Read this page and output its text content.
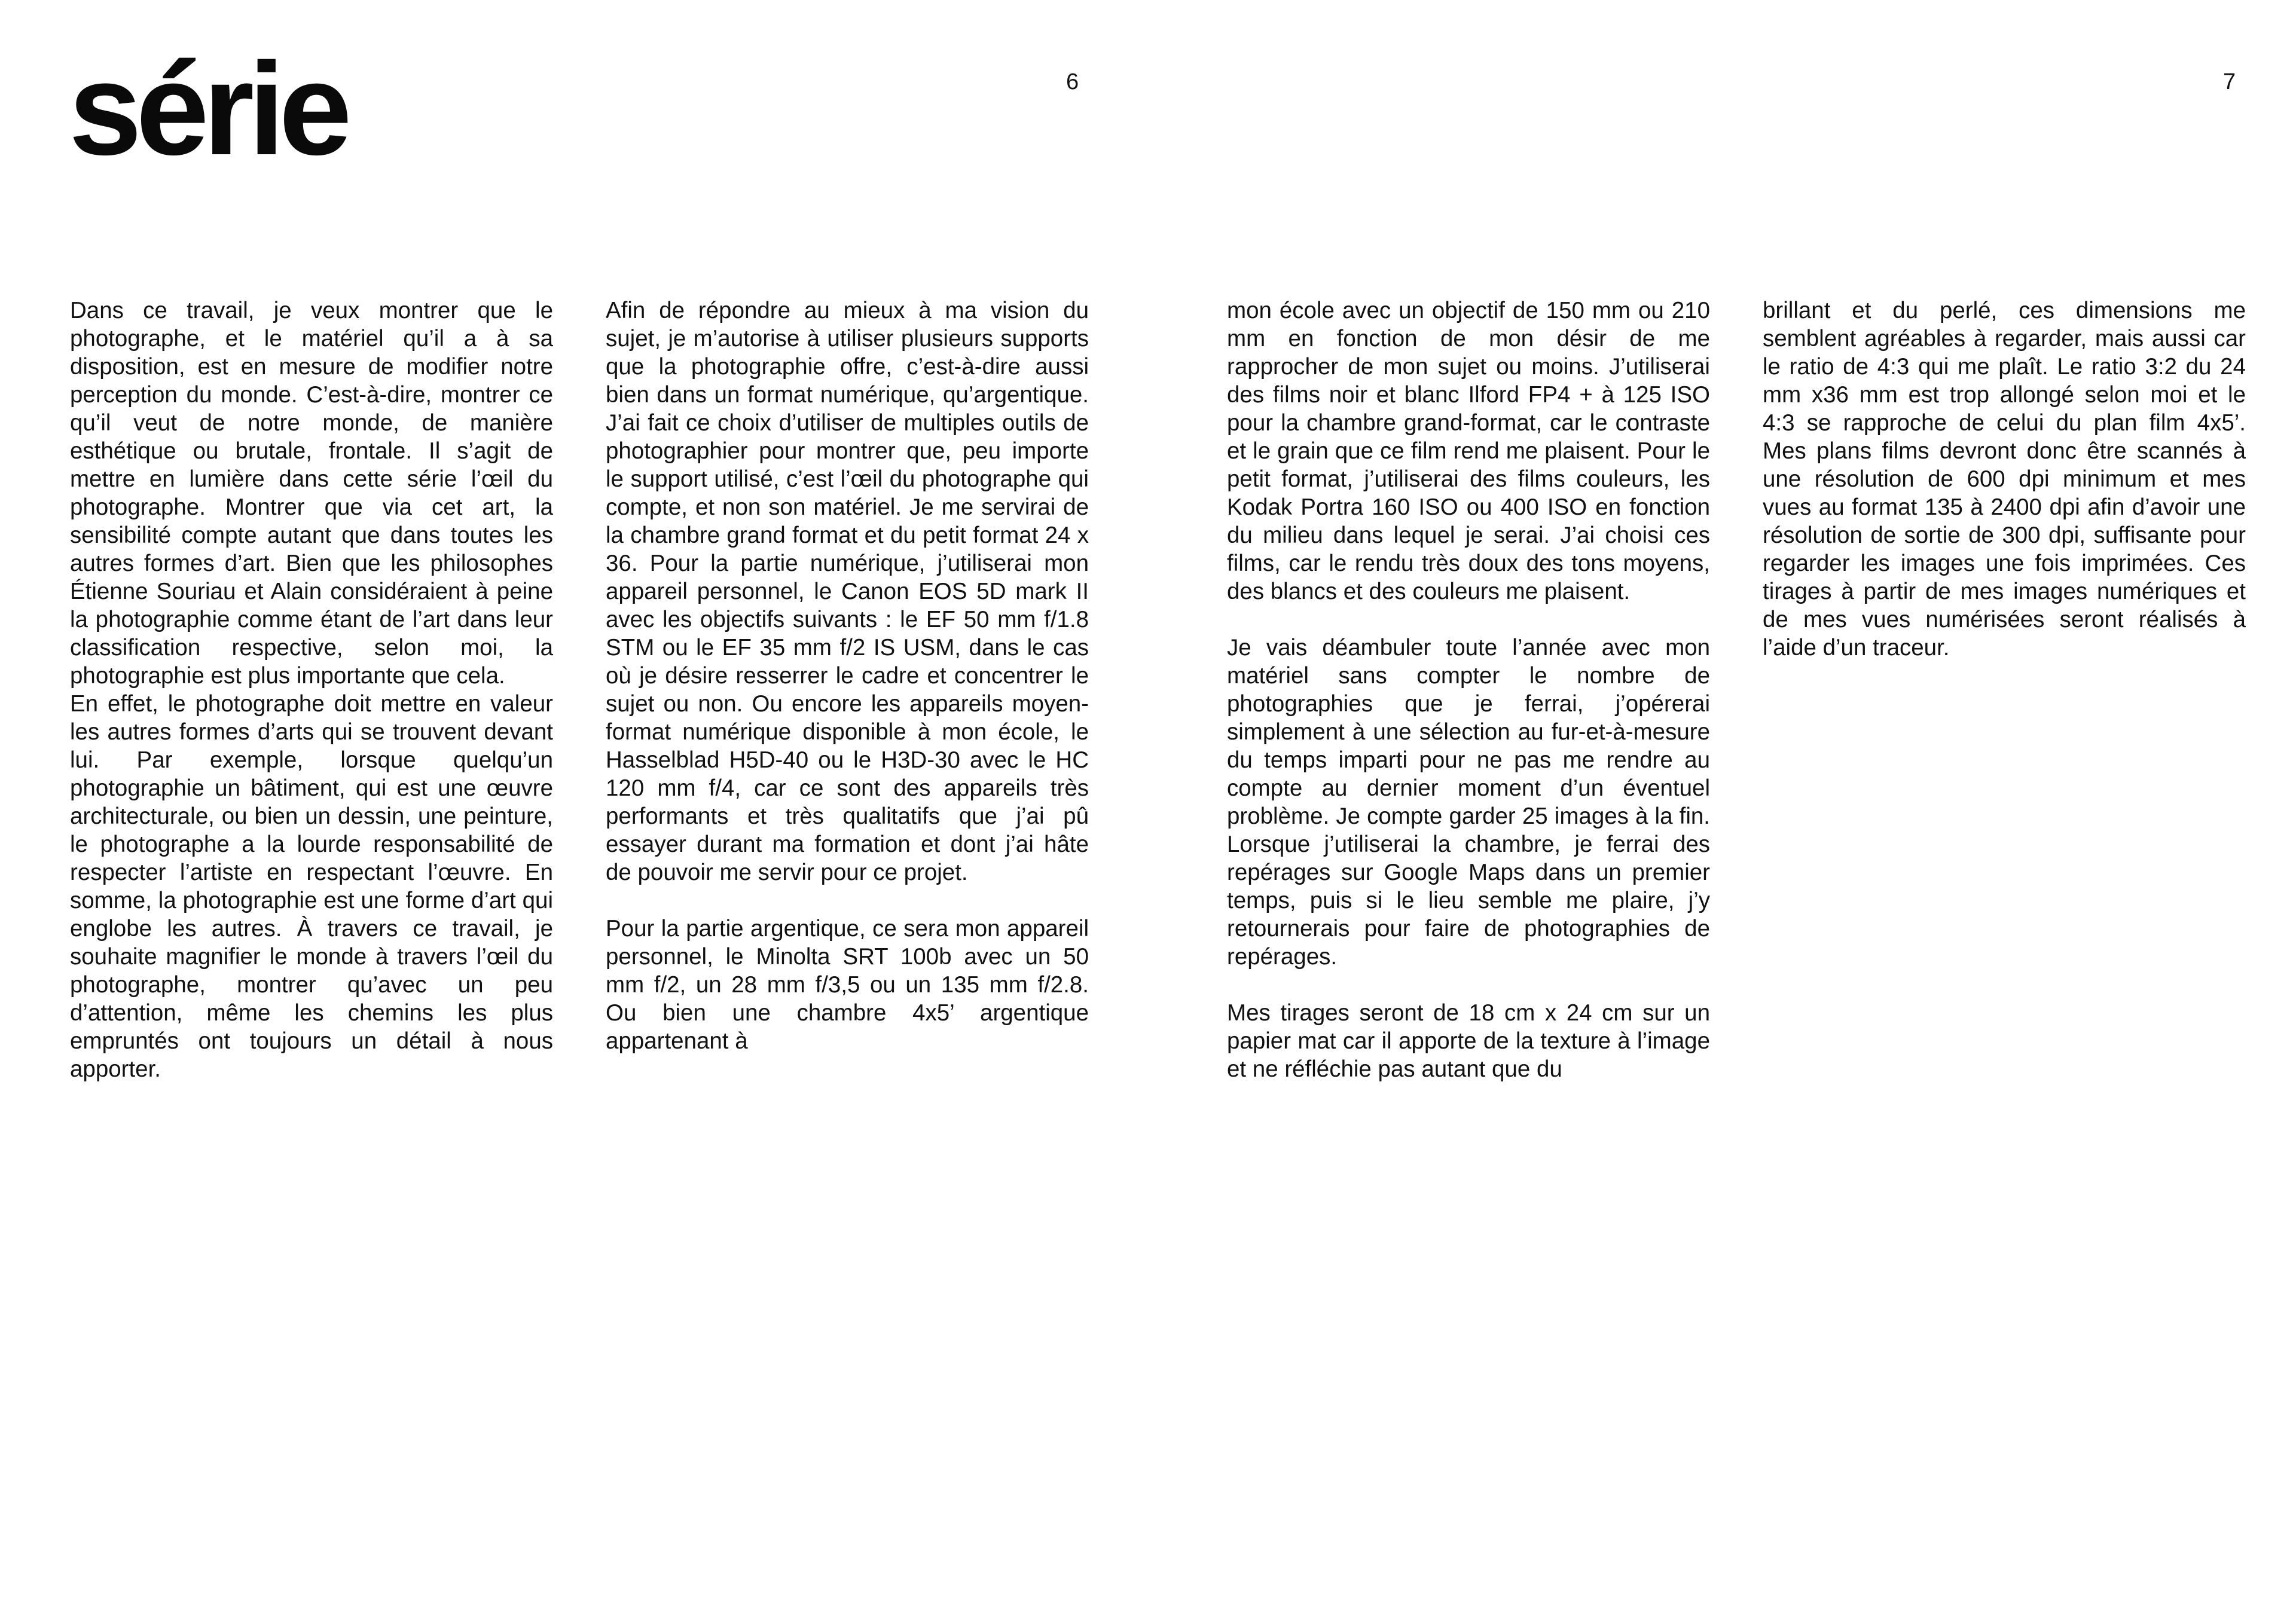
série	6	7

Dans ce travail, je veux montrer que le photographe, et le matériel qu’il a à sa disposition, est en mesure de modifier notre perception du monde. C’est-à-dire, montrer ce qu’il veut de notre monde, de manière esthétique ou brutale, frontale. Il s’agit de mettre en lumière dans cette série l’œil du photographe. Montrer que via cet art, la sensibilité compte autant que dans toutes les autres formes d’art. Bien que les philosophes Étienne Souriau et Alain considéraient à peine la photographie comme étant de l’art dans leur classification respective, selon moi, la photographie est plus importante que cela.

En effet, le photographe doit mettre en valeur les autres formes d’arts qui se trouvent devant lui. Par exemple, lorsque quelqu’un photographie un bâtiment, qui est une œuvre architecturale, ou bien un dessin, une peinture, le photographe a la lourde responsabilité de respecter l’artiste en respectant l’œuvre. En somme, la photographie est une forme d’art qui englobe les autres. À travers ce travail, je souhaite magnifier le monde à travers l’œil du photographe, montrer qu’avec un peu d’attention, même les chemins les plus empruntés ont toujours un détail à nous apporter.

Afin de répondre au mieux à ma vision du sujet, je m’autorise à utiliser plusieurs supports que la photographie offre, c’est-à-dire aussi bien dans un format numérique, qu’argentique. J’ai fait ce choix d’utiliser de multiples outils de photographier pour montrer que, peu importe le support utilisé, c’est l’œil du photographe qui compte, et non son matériel. Je me servirai de la chambre grand format et du petit format 24 x 36. Pour la partie numérique, j’utiliserai mon appareil personnel, le Canon EOS 5D mark II avec les objectifs suivants : le EF 50 mm f/1.8 STM ou le EF 35 mm f/2 IS USM, dans le cas où je désire resserrer le cadre et concentrer le sujet ou non. Ou encore les appareils moyen-format numérique disponible à mon école, le Hasselblad H5D-40 ou le H3D-30 avec le HC 120 mm f/4, car ce sont des appareils très performants et très qualitatifs que j’ai pû essayer durant ma formation et dont j’ai hâte de pouvoir me servir pour ce projet.

Pour la partie argentique, ce sera mon appareil personnel, le Minolta SRT 100b avec un 50 mm f/2, un 28 mm f/3,5 ou un 135 mm f/2.8. Ou bien une chambre 4x5’ argentique appartenant à

mon école avec un objectif de 150 mm ou 210 mm en fonction de mon désir de me rapprocher de mon sujet ou moins. J’utiliserai des films noir et blanc Ilford FP4 + à 125 ISO pour la chambre grand-format, car le contraste et le grain que ce film rend me plaisent. Pour le petit format, j’utiliserai des films couleurs, les Kodak Portra 160 ISO ou 400 ISO en fonction du milieu dans lequel je serai. J’ai choisi ces films, car le rendu très doux des tons moyens, des blancs et des couleurs me plaisent.

Je vais déambuler toute l’année avec mon matériel sans compter le nombre de photographies que je ferrai, j’opérerai simplement à une sélection au fur-et-à-mesure du temps imparti pour ne pas me rendre au compte au dernier moment d’un éventuel problème. Je compte garder 25 images à la fin. Lorsque j’utiliserai la chambre, je ferrai des repérages sur Google Maps dans un premier temps, puis si le lieu semble me plaire, j’y retournerais pour faire de photographies de repérages.

Mes tirages seront de 18 cm x 24 cm sur un papier mat car il apporte de la texture à l’image et ne réfléchie pas autant que du

brillant et du perlé, ces dimensions me semblent agréables à regarder, mais aussi car le ratio de 4:3 qui me plaît. Le ratio 3:2 du 24 mm x36 mm est trop allongé selon moi et le 4:3 se rapproche de celui du plan film 4x5’. Mes plans films devront donc être scannés à une résolution de 600 dpi minimum et mes vues au format 135 à 2400 dpi afin d’avoir une résolution de sortie de 300 dpi, suffisante pour regarder les images une fois imprimées. Ces tirages à partir de mes images numériques et de mes vues numérisées seront réalisés à l’aide d’un traceur.
